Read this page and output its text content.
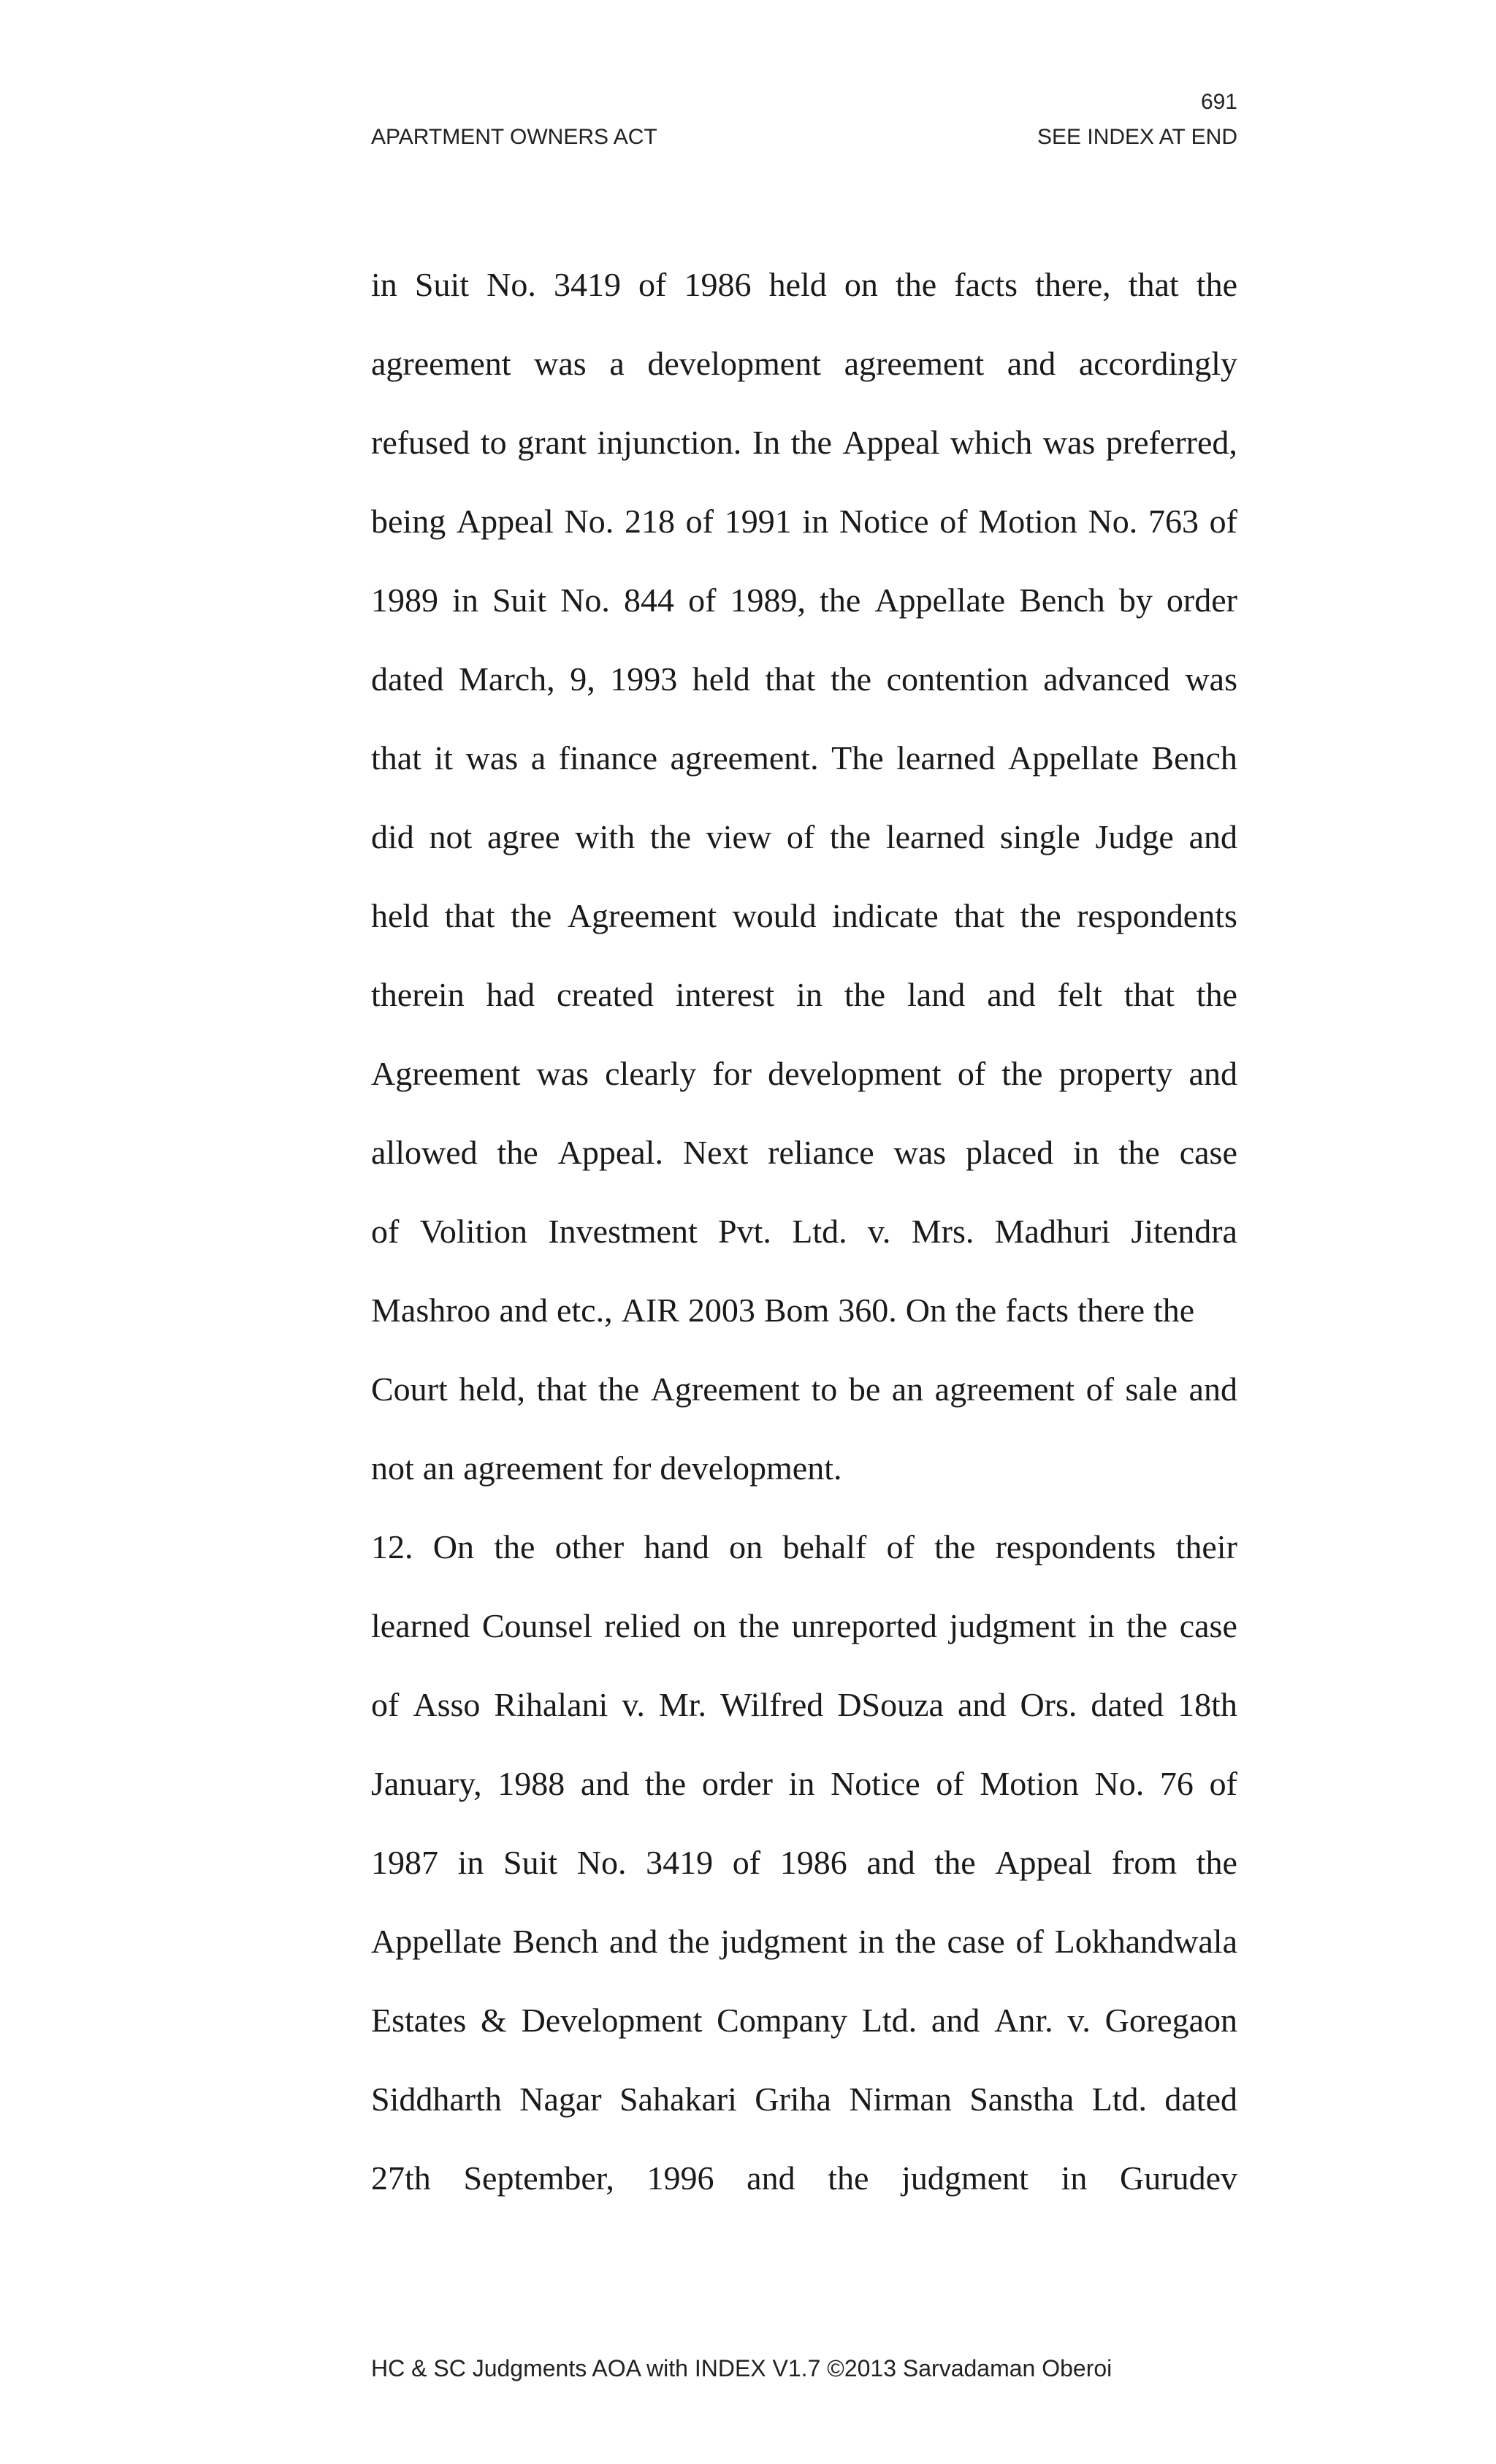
691
APARTMENT OWNERS ACT	SEE INDEX AT END
in Suit No. 3419 of 1986 held on the facts there, that the
agreement was a development agreement and accordingly
refused to grant injunction. In the Appeal which was preferred,
being Appeal No. 218 of 1991 in Notice of Motion No. 763 of
1989 in Suit No. 844 of 1989, the Appellate Bench by order
dated March, 9, 1993 held that the contention advanced was
that it was a finance agreement. The learned Appellate Bench
did not agree with the view of the learned single Judge and
held that the Agreement would indicate that the respondents
therein had created interest in the land and felt that the
Agreement was clearly for development of the property and
allowed the Appeal. Next reliance was placed in the case
of Volition Investment Pvt. Ltd. v. Mrs. Madhuri Jitendra
Mashroo and etc., AIR 2003 Bom 360. On the facts there the
Court held, that the Agreement to be an agreement of sale and
not an agreement for development.
12. On the other hand on behalf of the respondents their
learned Counsel relied on the unreported judgment in the case
of Asso Rihalani v. Mr. Wilfred DSouza and Ors. dated 18th
January, 1988 and the order in Notice of Motion No. 76 of
1987 in Suit No. 3419 of 1986 and the Appeal from the
Appellate Bench and the judgment in the case of Lokhandwala
Estates & Development Company Ltd. and Anr. v. Goregaon
Siddharth Nagar Sahakari Griha Nirman Sanstha Ltd. dated
27th September, 1996 and the judgment in Gurudev
HC & SC Judgments AOA with INDEX V1.7 ©2013 Sarvadaman Oberoi
